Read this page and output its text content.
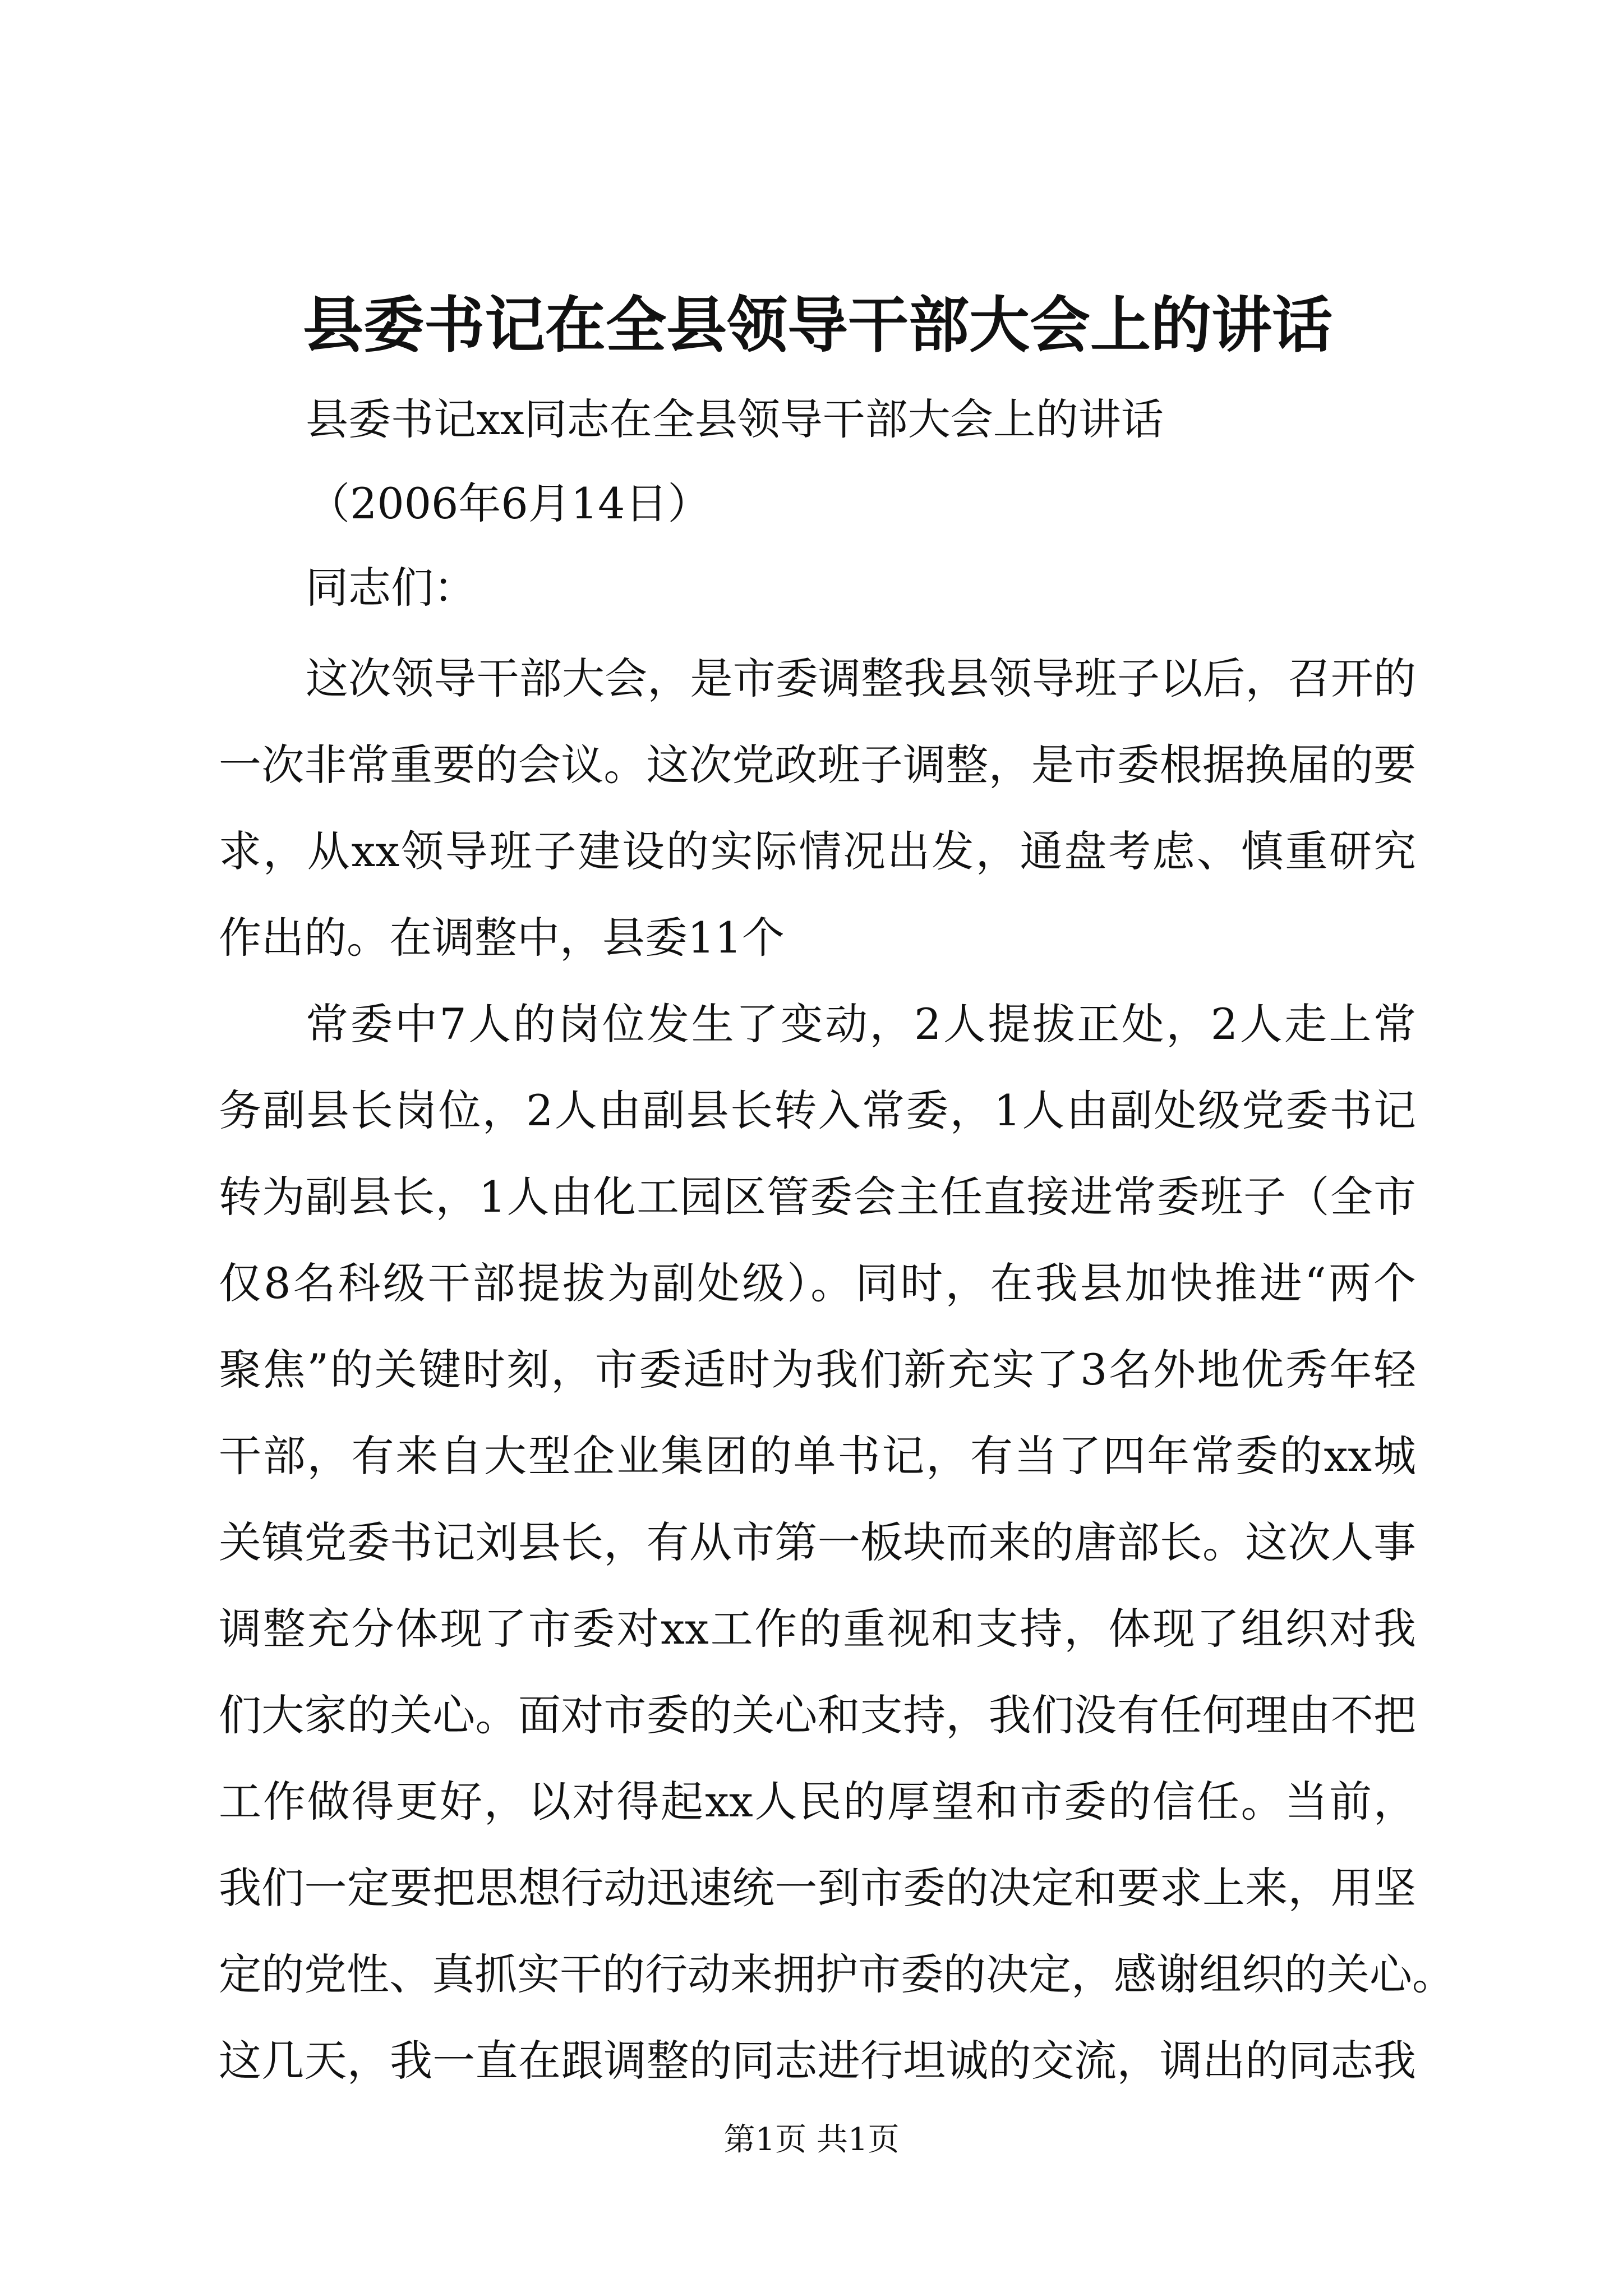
县委书记在全县领导干部大会上的讲话

县委书记xx同志在全县领导干部大会上的讲话

（2006年6月14日）

同志们：

这次领导干部大会，是市委调整我县领导班子以后，召开的
一次非常重要的会议。这次党政班子调整，是市委根据换届的要
求，从xx领导班子建设的实际情况出发，通盘考虑、慎重研究
作出的。在调整中，县委11个
常委中7人的岗位发生了变动，2人提拔正处，2人走上常
务副县长岗位，2人由副县长转入常委，1人由副处级党委书记
转为副县长，1人由化工园区管委会主任直接进常委班子（全市
仅8名科级干部提拔为副处级）。同时，在我县加快推进“两个
聚焦”的关键时刻，市委适时为我们新充实了3名外地优秀年轻
干部，有来自大型企业集团的单书记，有当了四年常委的xx城
关镇党委书记刘县长，有从市第一板块而来的唐部长。这次人事
调整充分体现了市委对xx工作的重视和支持，体现了组织对我
们大家的关心。面对市委的关心和支持，我们没有任何理由不把
工作做得更好，以对得起xx人民的厚望和市委的信任。当前，
我们一定要把思想行动迅速统一到市委的决定和要求上来，用坚
定的党性、真抓实干的行动来拥护市委的决定，感谢组织的关心。
这几天，我一直在跟调整的同志进行坦诚的交流，调出的同志我

第1页 共1页
